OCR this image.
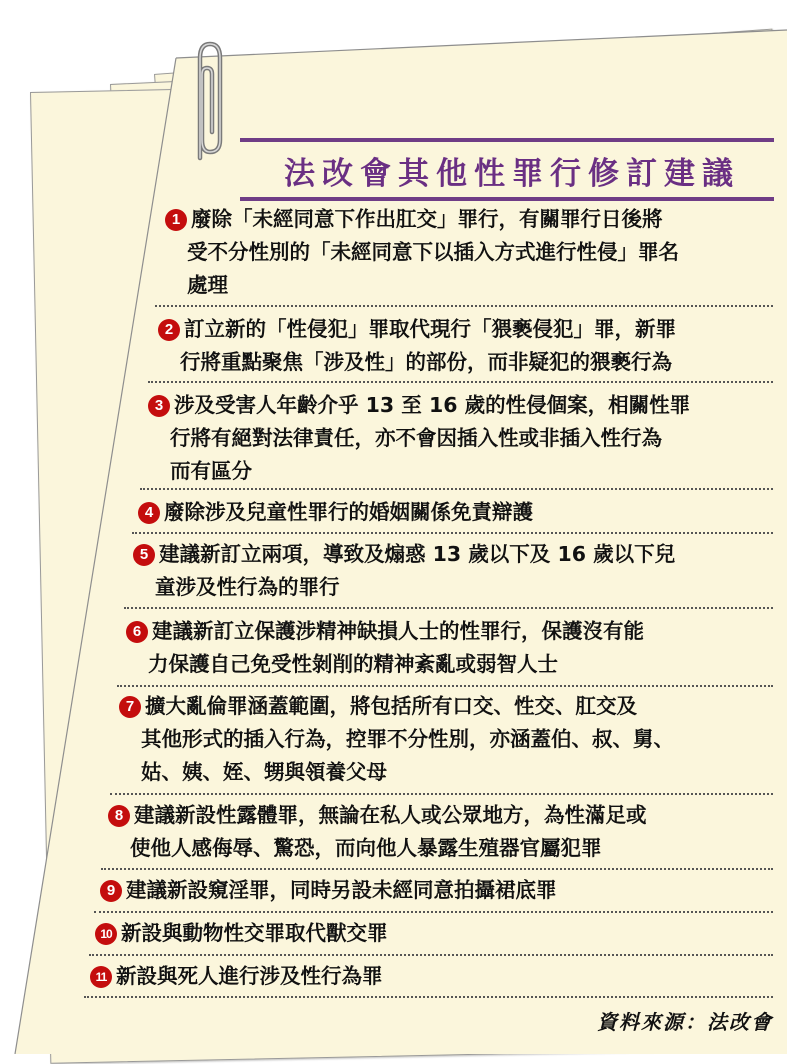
法改會其他性罪行修訂建議
1 廢除「未經同意下作出肛交」罪行，有關罪行日後將
受不分性別的「未經同意下以插入方式進行性侵」罪名
處理
2 訂立新的「性侵犯」罪取代現行「猥褻侵犯」罪，新罪
行將重點聚焦「涉及性」的部份，而非疑犯的猥褻行為
3 涉及受害人年齡介乎 13 至 16 歲的性侵個案，相關性罪
行將有絕對法律責任，亦不會因插入性或非插入性行為
而有區分
4 廢除涉及兒童性罪行的婚姻關係免責辯護
5 建議新訂立兩項，導致及煽惑 13 歲以下及 16 歲以下兒
童涉及性行為的罪行
6 建議新訂立保護涉精神缺損人士的性罪行，保護沒有能
力保護自己免受性剝削的精神紊亂或弱智人士
7 擴大亂倫罪涵蓋範圍，將包括所有口交、性交、肛交及
其他形式的插入行為，控罪不分性別，亦涵蓋伯、叔、舅、
姑、姨、姪、甥與領養父母
8 建議新設性露體罪，無論在私人或公眾地方，為性滿足或
使他人感侮辱、驚恐，而向他人暴露生殖器官屬犯罪
9 建議新設窺淫罪，同時另設未經同意拍攝裙底罪
10 新設與動物性交罪取代獸交罪
11 新設與死人進行涉及性行為罪
資料來源：法改會
